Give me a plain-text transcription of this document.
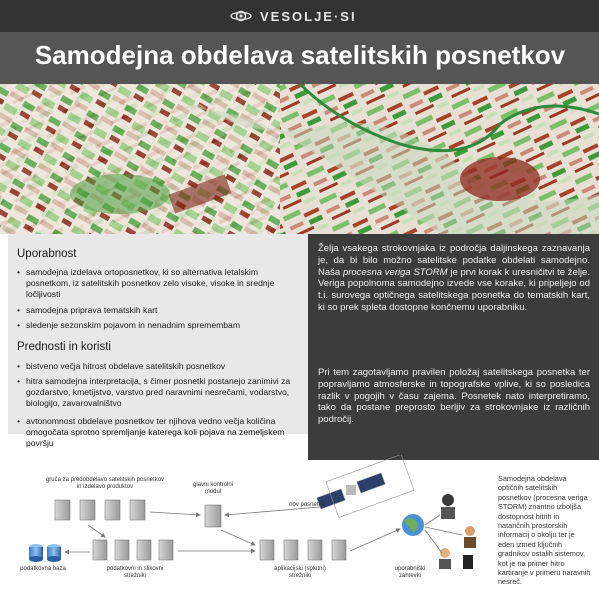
VESOLJE·SI
Samodejna obdelava satelitskih posnetkov
Uporabnost
• samodejna izdelava ortoposnetkov, ki so alternativa letalskim posnetkom, iz satelitskih posnetkov zelo visoke, visoke in srednje ločljivosti
• samodejna priprava tematskih kart
• sledenje sezonskim pojavom in nenadnim spremembam
Prednosti in koristi
• bistveno večja hitrost obdelave satelitskih posnetkov
• hitra samodejna interpretacija, s čimer posnetki postanejo zanimivi za gozdarstvo, kmetijstvo, varstvo pred naravnimi nesrečami, vodarstvo, biologijo, zavarovalništvo
• avtonomnost obdelave posnetkov ter njihova vedno večja količina omogočata sprotno spremljanje katerega koli pojava na zemeljskem površju
Želja vsakega strokovnjaka iz področja daljinskega zaznavanja je, da bi bilo možno satelitske podatke obdelati samodejno. Naša procesna veriga STORM je prvi korak k uresničitvi te želje. Veriga popolnoma samodejno izvede vse korake, ki pripeljejo od t.i. surovega optičnega satelitskega posnetka do tematskih kart, ki so prek spleta dostopne končnemu uporabniku.
Pri tem zagotavljamo pravilen položaj satelitskega posnetka ter popravljamo atmosferske in topografske vplive, ki so posledica razlik v pogojih v času zajema. Posnetek nato interpretiramo, tako da postane preprosto berljiv za strokovnjake iz različnih področij.
gruča za predobdelavo satelitskih posnetkov in izdelavo produktov	glavni kontrolni modul
nov posnetek
podatkovna baza	podatkovni in slikovni strežniki
aplikacijski (spletni) strežniki
uporabniški zahtevki
Samodejna obdelava optičnih satelitskih posnetkov (procesna veriga STORM) znantno izboljša dostopnost hitrih in natančnih prostorskih informacij o okolju ter je eden izmed ključnih gradnikov ostalih sistemov, kot je na primer hitro kartiranje v primeru naravnih nesreč.
